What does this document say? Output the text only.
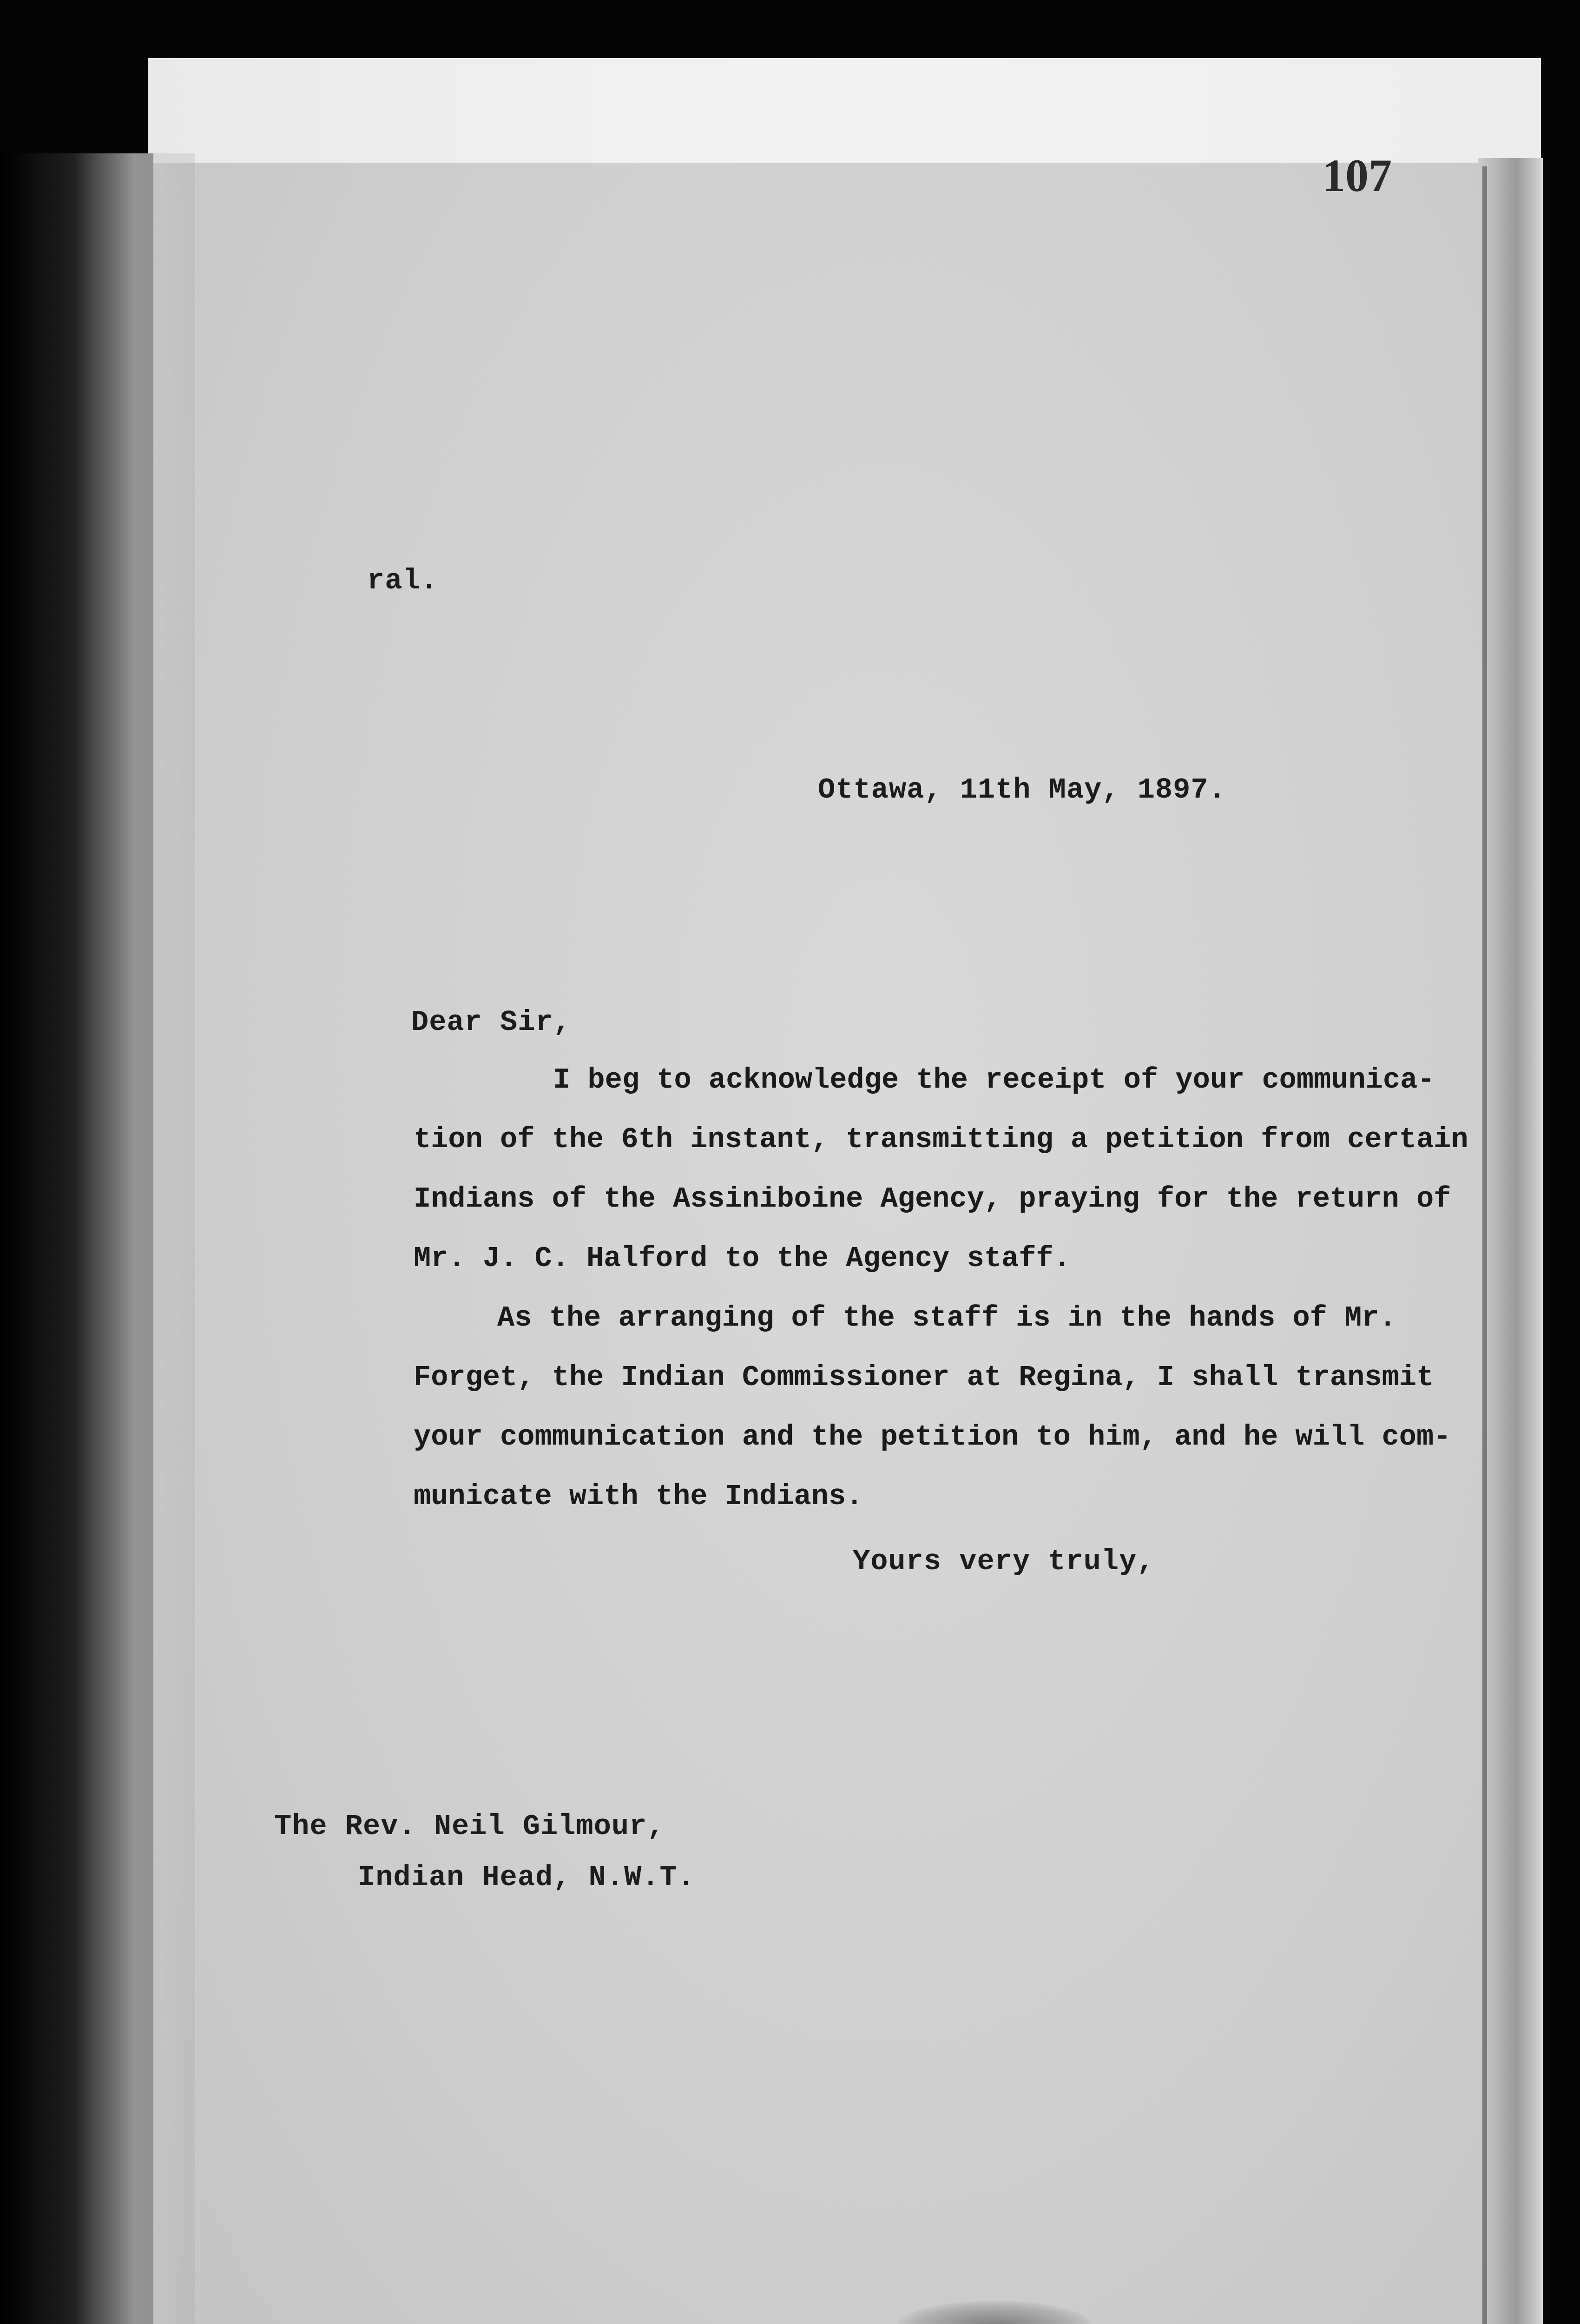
107
ral.
Ottawa, 11th May, 1897.
Dear Sir,
I beg to acknowledge the receipt of your communica-
tion of the 6th instant, transmitting a petition from certain
Indians of the Assiniboine Agency, praying for the return of
Mr. J. C. Halford to the Agency staff.
As the arranging of the staff is in the hands of Mr.
Forget, the Indian Commissioner at Regina, I shall transmit
your communication and the petition to him, and he will com-
municate with the Indians.
Yours very truly,
The Rev. Neil Gilmour,
Indian Head, N.W.T.
